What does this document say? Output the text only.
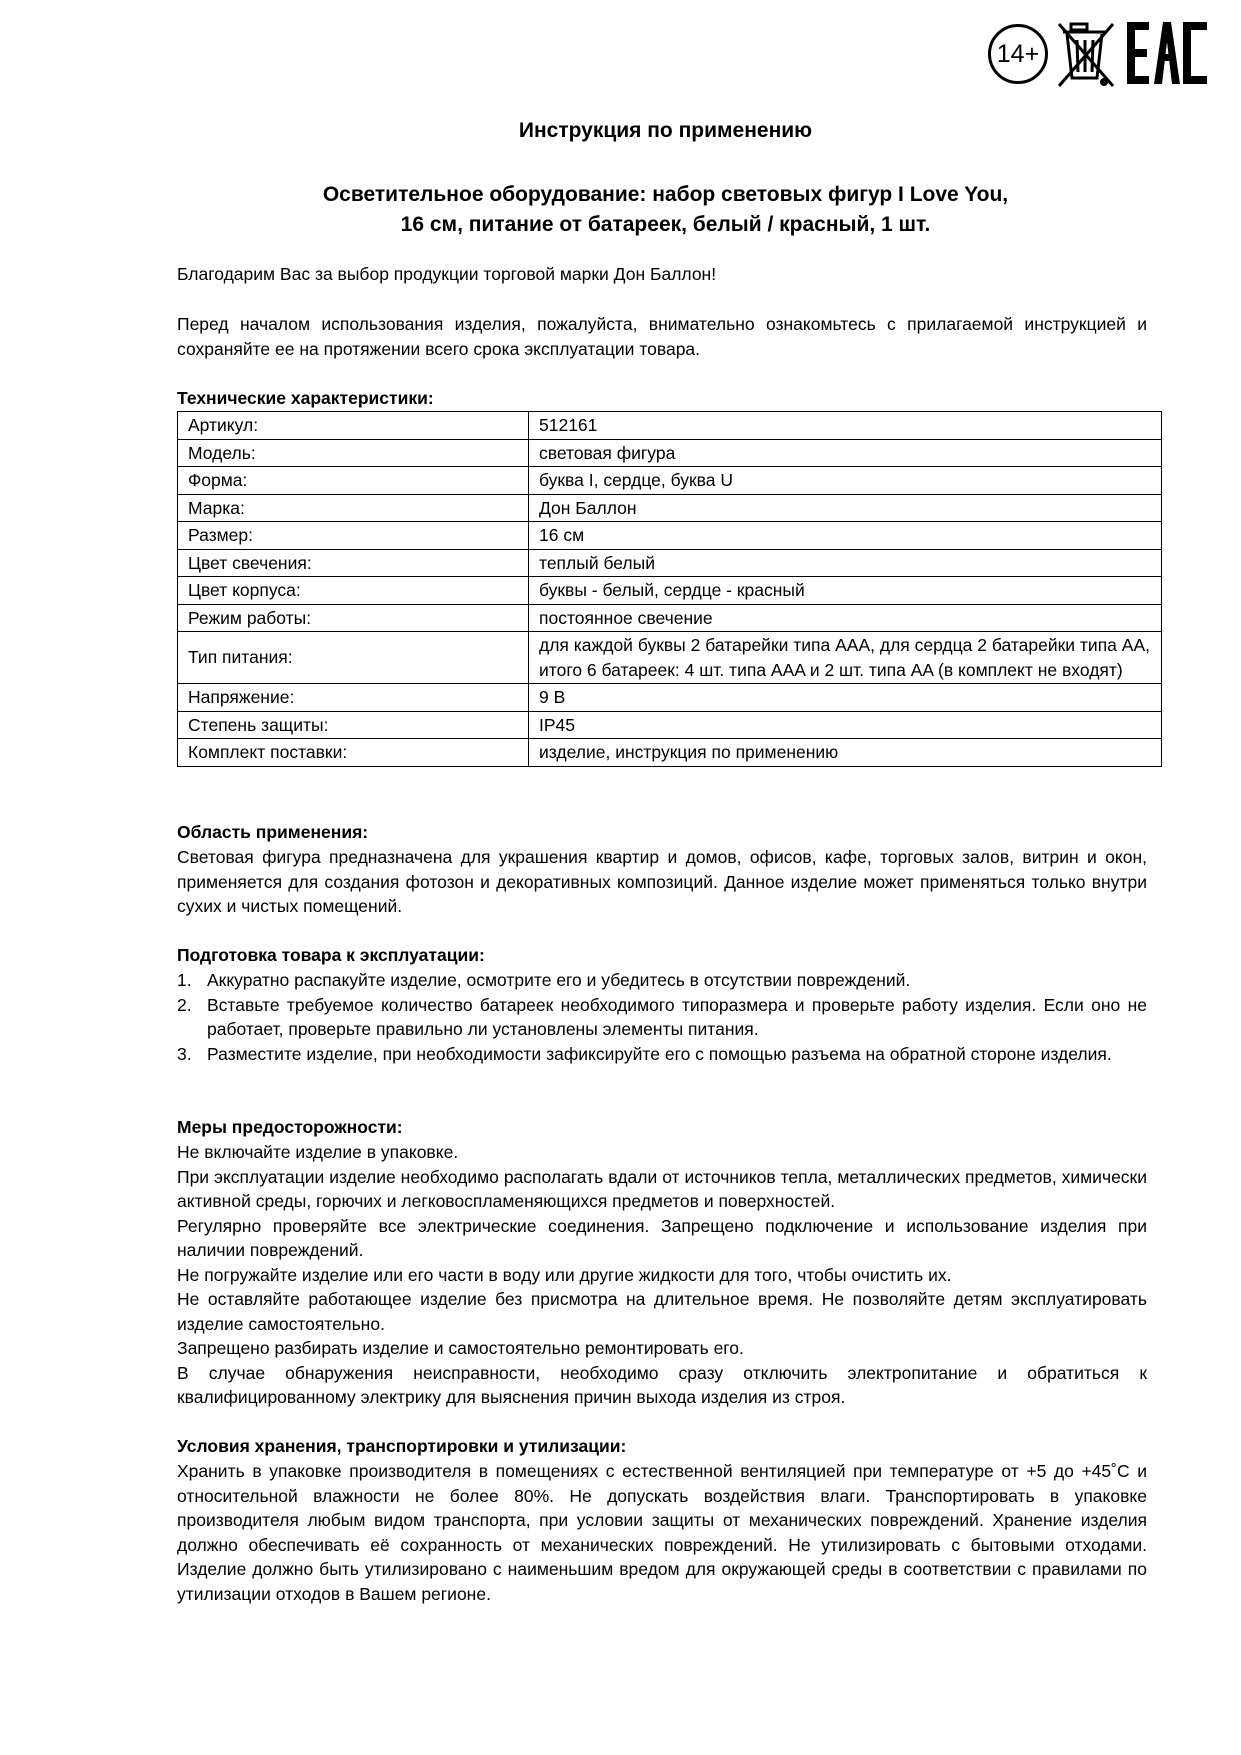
14+
Инструкция по применению
Осветительное оборудование: набор световых фигур I Love You,
16 см, питание от батареек, белый / красный, 1 шт.

Благодарим Вас за выбор продукции торговой марки Дон Баллон!

Перед началом использования изделия, пожалуйста, внимательно ознакомьтесь с прилагаемой инструкцией и сохраняйте ее на протяжении всего срока эксплуатации товара.

Технические характеристики:
Артикул:	512161
Модель:	световая фигура
Форма:	буква I, сердце, буква U
Марка:	Дон Баллон
Размер:	16 см
Цвет свечения:	теплый белый
Цвет корпуса:	буквы - белый, сердце - красный
Режим работы:	постоянное свечение
Тип питания:	для каждой буквы 2 батарейки типа AAA, для сердца 2 батарейки типа AA, итого 6 батареек: 4 шт. типа AAA и 2 шт. типа AA (в комплект не входят)
Напряжение:	9 В
Степень защиты:	IP45
Комплект поставки:	изделие, инструкция по применению
Область применения:

Световая фигура предназначена для украшения квартир и домов, офисов, кафе, торговых залов, витрин и окон, применяется для создания фотозон и декоративных композиций. Данное изделие может применяться только внутри сухих и чистых помещений.

Подготовка товара к эксплуатации:
1. Аккуратно распакуйте изделие, осмотрите его и убедитесь в отсутствии повреждений.
2. Вставьте требуемое количество батареек необходимого типоразмера и проверьте работу изделия. Если оно не работает, проверьте правильно ли установлены элементы питания.
3. Разместите изделие, при необходимости зафиксируйте его с помощью разъема на обратной стороне изделия.
Меры предосторожности:

Не включайте изделие в упаковке.

При эксплуатации изделие необходимо располагать вдали от источников тепла, металлических предметов, химически активной среды, горючих и легковоспламеняющихся предметов и поверхностей.

Регулярно проверяйте все электрические соединения. Запрещено подключение и использование изделия при наличии повреждений.

Не погружайте изделие или его части в воду или другие жидкости для того, чтобы очистить их.

Не оставляйте работающее изделие без присмотра на длительное время. Не позволяйте детям эксплуатировать изделие самостоятельно.

Запрещено разбирать изделие и самостоятельно ремонтировать его.

В случае обнаружения неисправности, необходимо сразу отключить электропитание и обратиться к квалифицированному электрику для выяснения причин выхода изделия из строя.

Условия хранения, транспортировки и утилизации:

Хранить в упаковке производителя в помещениях с естественной вентиляцией при температуре от +5 до +45˚С и относительной влажности не более 80%. Не допускать воздействия влаги. Транспортировать в упаковке производителя любым видом транспорта, при условии защиты от механических повреждений. Хранение изделия должно обеспечивать её сохранность от механических повреждений. Не утилизировать с бытовыми отходами. Изделие должно быть утилизировано с наименьшим вредом для окружающей среды в соответствии с правилами по утилизации отходов в Вашем регионе.
